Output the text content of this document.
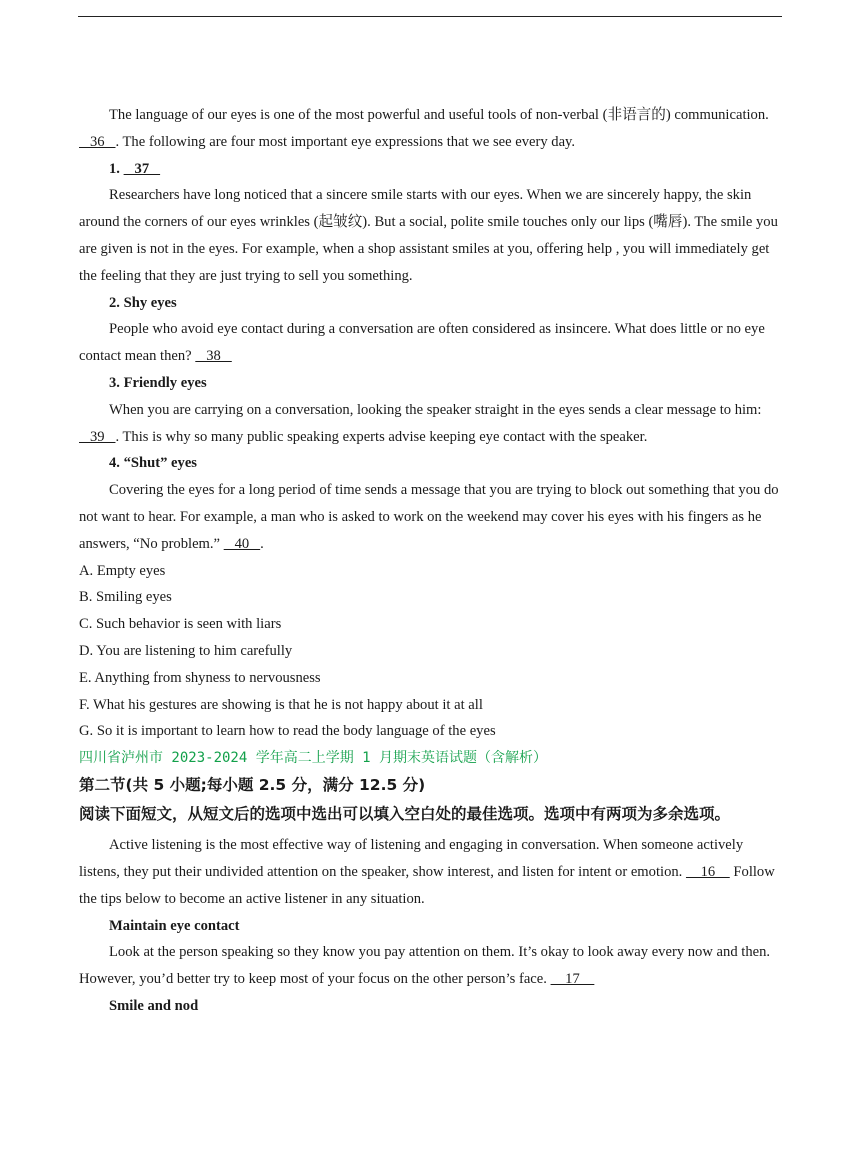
The language of our eyes is one of the most powerful and useful tools of non-verbal (非语言的) communication.    36   . The following are four most important eye expressions that we see every day.

1.    37

Researchers have long noticed that a sincere smile starts with our eyes. When we are sincerely happy, the skin around the corners of our eyes wrinkles (起皱纹). But a social, polite smile touches only our lips (嘴唇). The smile you are given is not in the eyes. For example, when a shop assistant smiles at you, offering help , you will immediately get the feeling that they are just trying to sell you something.

2. Shy eyes

People who avoid eye contact during a conversation are often considered as insincere. What does little or no eye contact mean then?    38

3. Friendly eyes

When you are carrying on a conversation, looking the speaker straight in the eyes sends a clear message to him:    39   . This is why so many public speaking experts advise keeping eye contact with the speaker.

4. “Shut” eyes

Covering the eyes for a long period of time sends a message that you are trying to block out something that you do not want to hear. For example, a man who is asked to work on the weekend may cover his eyes with his fingers as he answers, “No problem.”    40   .

A. Empty eyes

B. Smiling eyes

C. Such behavior is seen with liars

D. You are listening to him carefully

E. Anything from shyness to nervousness

F. What his gestures are showing is that he is not happy about it at all

G. So it is important to learn how to read the body language of the eyes

四川省泸州市 2023-2024 学年高二上学期 1 月期末英语试题（含解析）

第二节(共 5 小题;每小题 2.5 分，满分 12.5 分)

阅读下面短文，从短文后的选项中选出可以填入空白处的最佳选项。选项中有两项为多余选项。

Active listening is the most effective way of listening and engaging in conversation. When someone actively listens, they put their undivided attention on the speaker, show interest, and listen for intent or emotion.     16     Follow the tips below to become an active listener in any situation.

Maintain eye contact

Look at the person speaking so they know you pay attention on them. It’s okay to look away every now and then. However, you’d better try to keep most of your focus on the other person’s face.     17

Smile and nod
